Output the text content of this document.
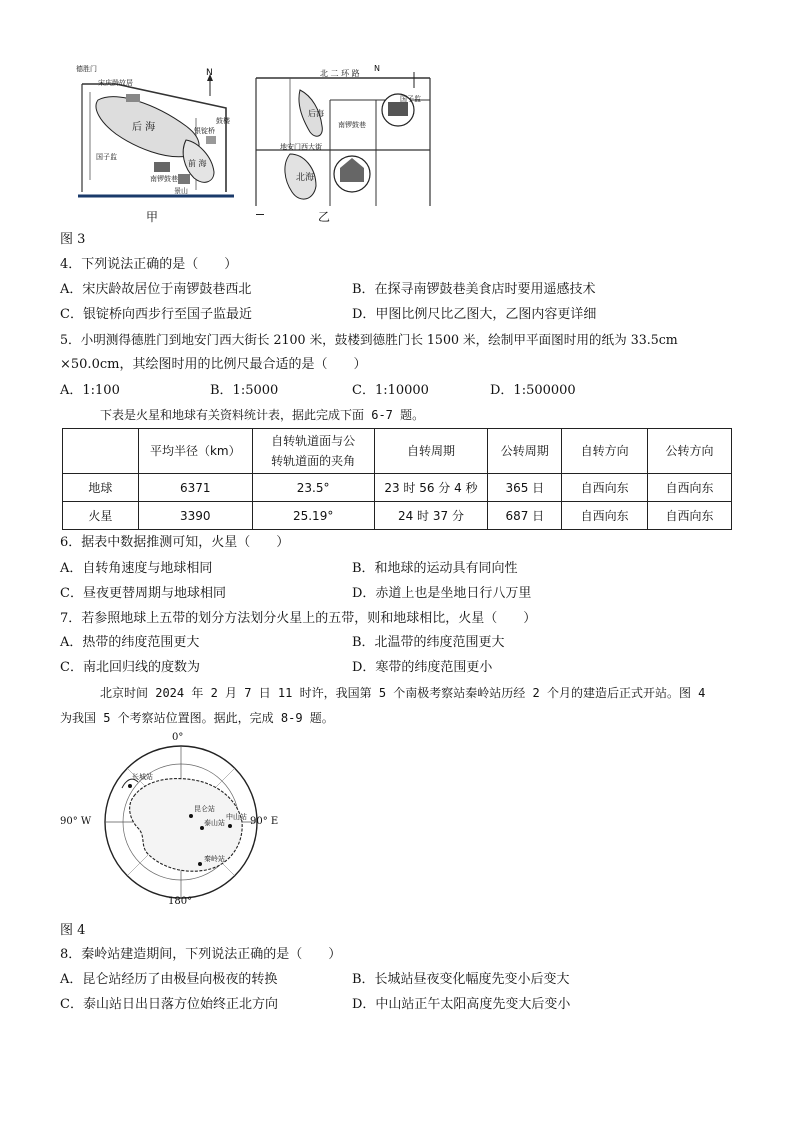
N
德胜门
宋庆龄故居
后 海
前 海
银锭桥
鼓楼
南锣鼓巷
国子监
景山
甲
N
北 二 环 路
后海
北海
南锣鼓巷
地安门西大街
国子监
乙
图 3
4．下列说法正确的是（　　）
A．宋庆龄故居位于南锣鼓巷西北	B．在探寻南锣鼓巷美食店时要用遥感技术
C．银锭桥向西步行至国子监最近	D．甲图比例尺比乙图大，乙图内容更详细
5．小明测得德胜门到地安门西大街长 2100 米，鼓楼到德胜门长 1500 米，绘制甲平面图时用的纸为 33.5cm
×50.0cm，其绘图时用的比例尺最合适的是（　　）
A．1:100	B．1:5000	C．1:10000	D．1:500000
下表是火星和地球有关资料统计表，据此完成下面 6-7 题。
	平均半径（km）	自转轨道面与公
转轨道面的夹角	自转周期	公转周期	自转方向	公转方向
地球	6371	23.5°	23 时 56 分 4 秒	365 日	自西向东	自西向东
火星	3390	25.19°	24 时 37 分	687 日	自西向东	自西向东
6．据表中数据推测可知，火星（　　）
A．自转角速度与地球相同	B．和地球的运动具有同向性
C．昼夜更替周期与地球相同	D．赤道上也是坐地日行八万里
7．若参照地球上五带的划分方法划分火星上的五带，则和地球相比，火星（　　）
A．热带的纬度范围更大	B．北温带的纬度范围更大
C．南北回归线的度数为	D．寒带的纬度范围更小
北京时间 2024 年 2 月 7 日 11 时许，我国第 5 个南极考察站秦岭站历经 2 个月的建造后正式开站。图 4
为我国 5 个考察站位置图。据此，完成 8-9 题。
0°
180°
90° W	90° E
长城站
昆仑站
泰山站
中山站
秦岭站
图 4
8．秦岭站建造期间，下列说法正确的是（　　）
A．昆仑站经历了由极昼向极夜的转换	B．长城站昼夜变化幅度先变小后变大
C．泰山站日出日落方位始终正北方向	D．中山站正午太阳高度先变大后变小
